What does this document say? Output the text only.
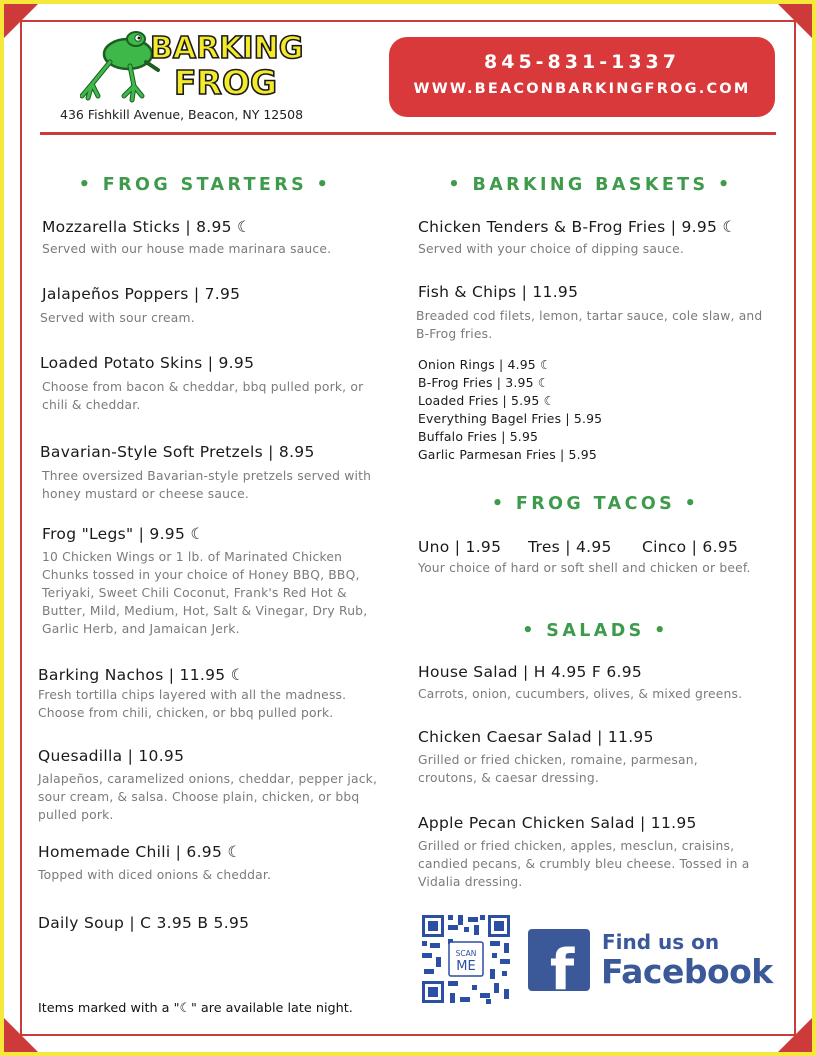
BARKING
FROG
436 Fishkill Avenue, Beacon, NY 12508
845-831-1337
WWW.BEACONBARKINGFROG.COM
• FROG STARTERS •
Mozzarella Sticks | 8.95 ☾
Served with our house made marinara sauce.
Jalapeños Poppers | 7.95
Served with sour cream.
Loaded Potato Skins | 9.95
Choose from bacon & cheddar, bbq pulled pork, or chili & cheddar.
Bavarian-Style Soft Pretzels | 8.95
Three oversized Bavarian-style pretzels served with honey mustard or cheese sauce.
Frog "Legs" | 9.95 ☾
10 Chicken Wings or 1 lb. of Marinated Chicken Chunks tossed in your choice of Honey BBQ, BBQ, Teriyaki, Sweet Chili Coconut, Frank's Red Hot & Butter, Mild, Medium, Hot, Salt & Vinegar, Dry Rub, Garlic Herb, and Jamaican Jerk.
Barking Nachos | 11.95 ☾
Fresh tortilla chips layered with all the madness. Choose from chili, chicken, or bbq pulled pork.
Quesadilla | 10.95
Jalapeños, caramelized onions, cheddar, pepper jack, sour cream, & salsa. Choose plain, chicken, or bbq pulled pork.
Homemade Chili | 6.95 ☾
Topped with diced onions & cheddar.
Daily Soup | C 3.95 B 5.95
Items marked with a "☾" are available late night.
• BARKING BASKETS •
Chicken Tenders & B-Frog Fries | 9.95 ☾
Served with your choice of dipping sauce.
Fish & Chips | 11.95
Breaded cod filets, lemon, tartar sauce, cole slaw, and B-Frog fries.
Onion Rings | 4.95 ☾
B-Frog Fries | 3.95 ☾
Loaded Fries | 5.95 ☾
Everything Bagel Fries | 5.95
Buffalo Fries | 5.95
Garlic Parmesan Fries | 5.95
• FROG TACOS •
Uno | 1.95 Tres | 4.95 Cinco | 6.95
Your choice of hard or soft shell and chicken or beef.
• SALADS •
House Salad | H 4.95 F 6.95
Carrots, onion, cucumbers, olives, & mixed greens.
Chicken Caesar Salad | 11.95
Grilled or fried chicken, romaine, parmesan, croutons, & caesar dressing.
Apple Pecan Chicken Salad | 11.95
Grilled or fried chicken, apples, mesclun, craisins, candied pecans, & crumbly bleu cheese. Tossed in a Vidalia dressing.
SCAN
ME f Find us on
Facebook
